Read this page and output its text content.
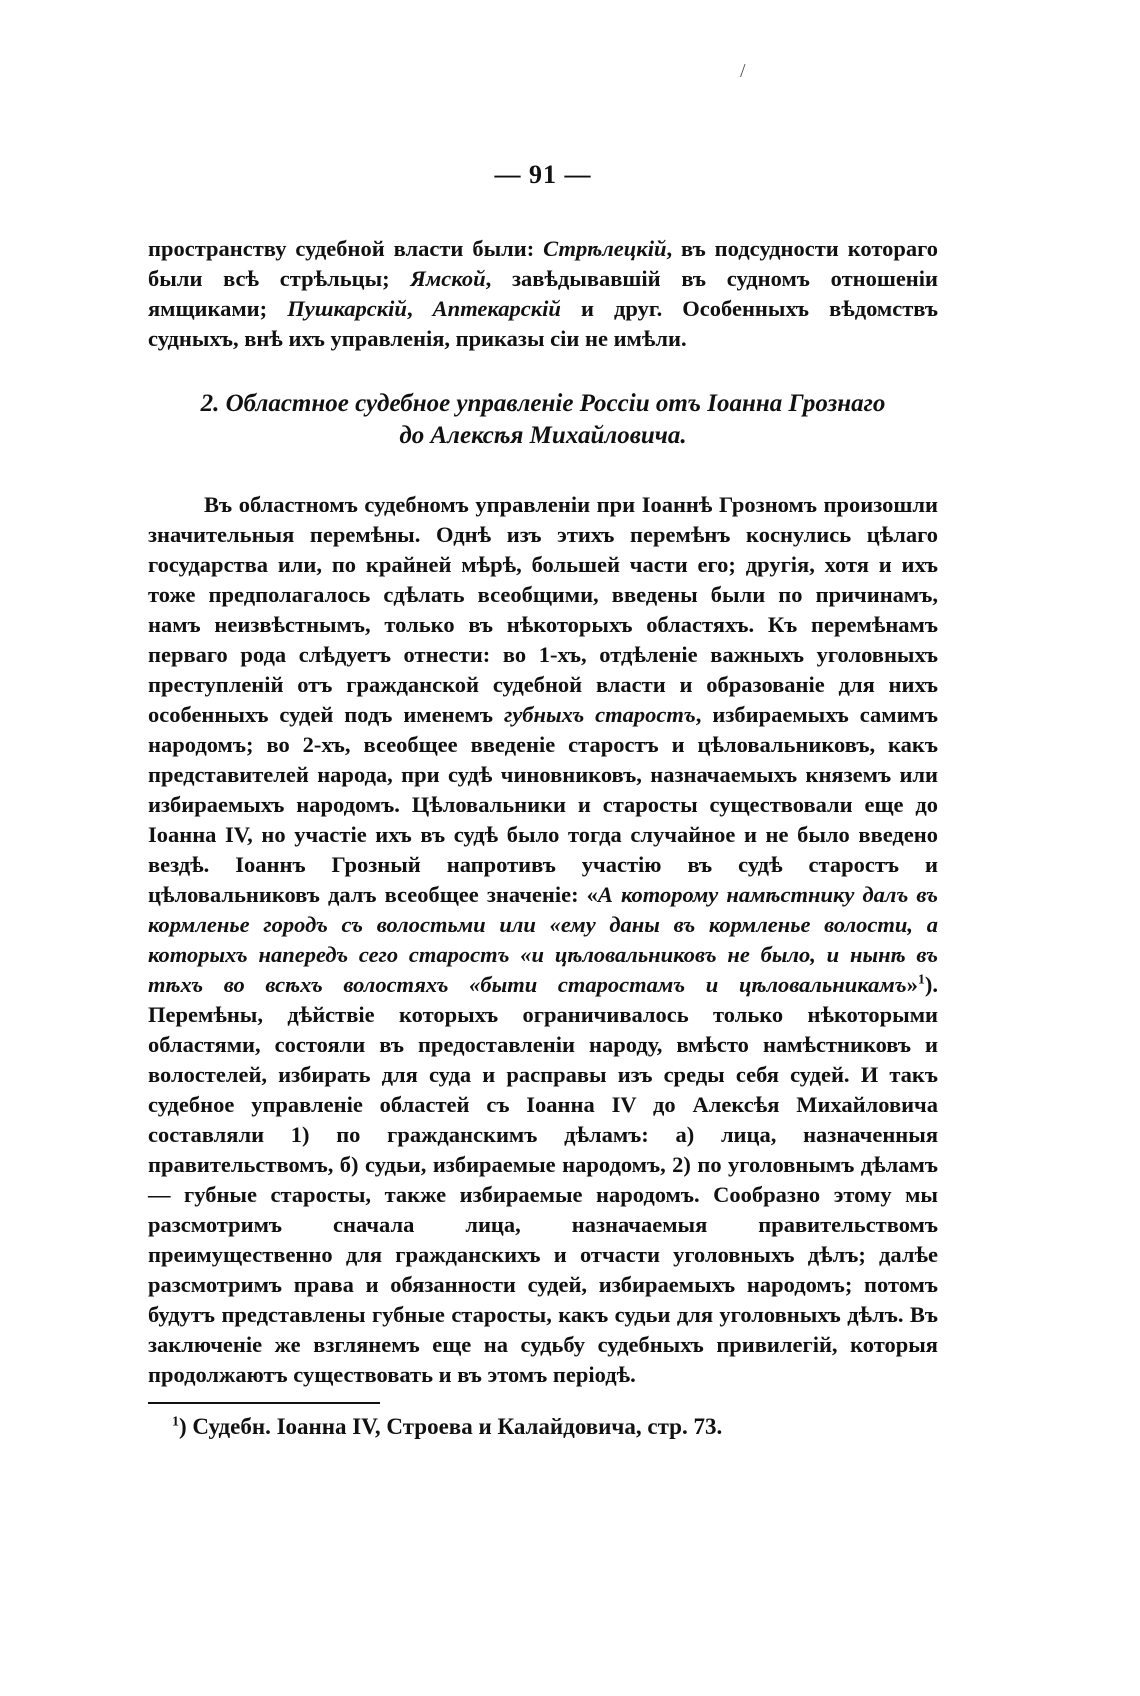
/
— 91 —

пространству судебной власти были: Стрѣлецкій, въ подсудности котораго были всѣ стрѣльцы; Ямской, завѣдывавшій въ судномъ отношеніи ямщиками; Пушкарскій, Аптекарскій и друг. Особенныхъ вѣдомствъ судныхъ, внѣ ихъ управленія, приказы сіи не имѣли.

2. Областное судебное управленіе Россіи отъ Іоанна Грознаго
до Алексѣя Михайловича.

Въ областномъ судебномъ управленіи при Іоаннѣ Грозномъ произошли значительныя перемѣны. Однѣ изъ этихъ перемѣнъ коснулись цѣлаго государства или, по крайней мѣрѣ, большей части его; другія, хотя и ихъ тоже предполагалось сдѣлать всеобщими, введены были по причинамъ, намъ неизвѣстнымъ, только въ нѣкоторыхъ областяхъ. Къ перемѣнамъ перваго рода слѣдуетъ отнести: во 1-хъ, отдѣленіе важныхъ уголовныхъ преступленій отъ гражданской судебной власти и образованіе для нихъ особенныхъ судей подъ именемъ губныхъ старостъ, избираемыхъ самимъ народомъ; во 2-хъ, всеобщее введеніе старостъ и цѣловальниковъ, какъ представителей народа, при судѣ чиновниковъ, назначаемыхъ княземъ или избираемыхъ народомъ. Цѣловальники и старосты существовали еще до Іоанна IV, но участіе ихъ въ судѣ было тогда случайное и не было введено вездѣ. Іоаннъ Грозный напротивъ участію въ судѣ старостъ и цѣловальниковъ далъ всеобщее значеніе: «А которому намѣстнику далъ въ кормленье городъ съ волостьми или «ему даны въ кормленье волости, а которыхъ напередъ сего старостъ «и цѣловальниковъ не было, и нынѣ въ тѣхъ во всѣхъ волостяхъ «быти старостамъ и цѣловальникамъ»$^1$). Перемѣны, дѣйствіе которыхъ ограничивалось только нѣкоторыми областями, состояли въ предоставленіи народу, вмѣсто намѣстниковъ и волостелей, избирать для суда и расправы изъ среды себя судей. И такъ судебное управленіе областей съ Іоанна IV до Алексѣя Михайловича составляли 1) по гражданскимъ дѣламъ: а) лица, назначенныя правительствомъ, б) судьи, избираемые народомъ, 2) по уголовнымъ дѣламъ — губные старосты, также избираемые народомъ. Сообразно этому мы разсмотримъ сначала лица, назначаемыя правительствомъ преимущественно для гражданскихъ и отчасти уголовныхъ дѣлъ; далѣе разсмотримъ права и обязанности судей, избираемыхъ народомъ; потомъ будутъ представлены губные старосты, какъ судьи для уголовныхъ дѣлъ. Въ заключеніе же взглянемъ еще на судьбу судебныхъ привилегій, которыя продолжаютъ существовать и въ этомъ періодѣ.

$^1$) Судебн. Іоанна IV, Строева и Калайдовича, стр. 73.
